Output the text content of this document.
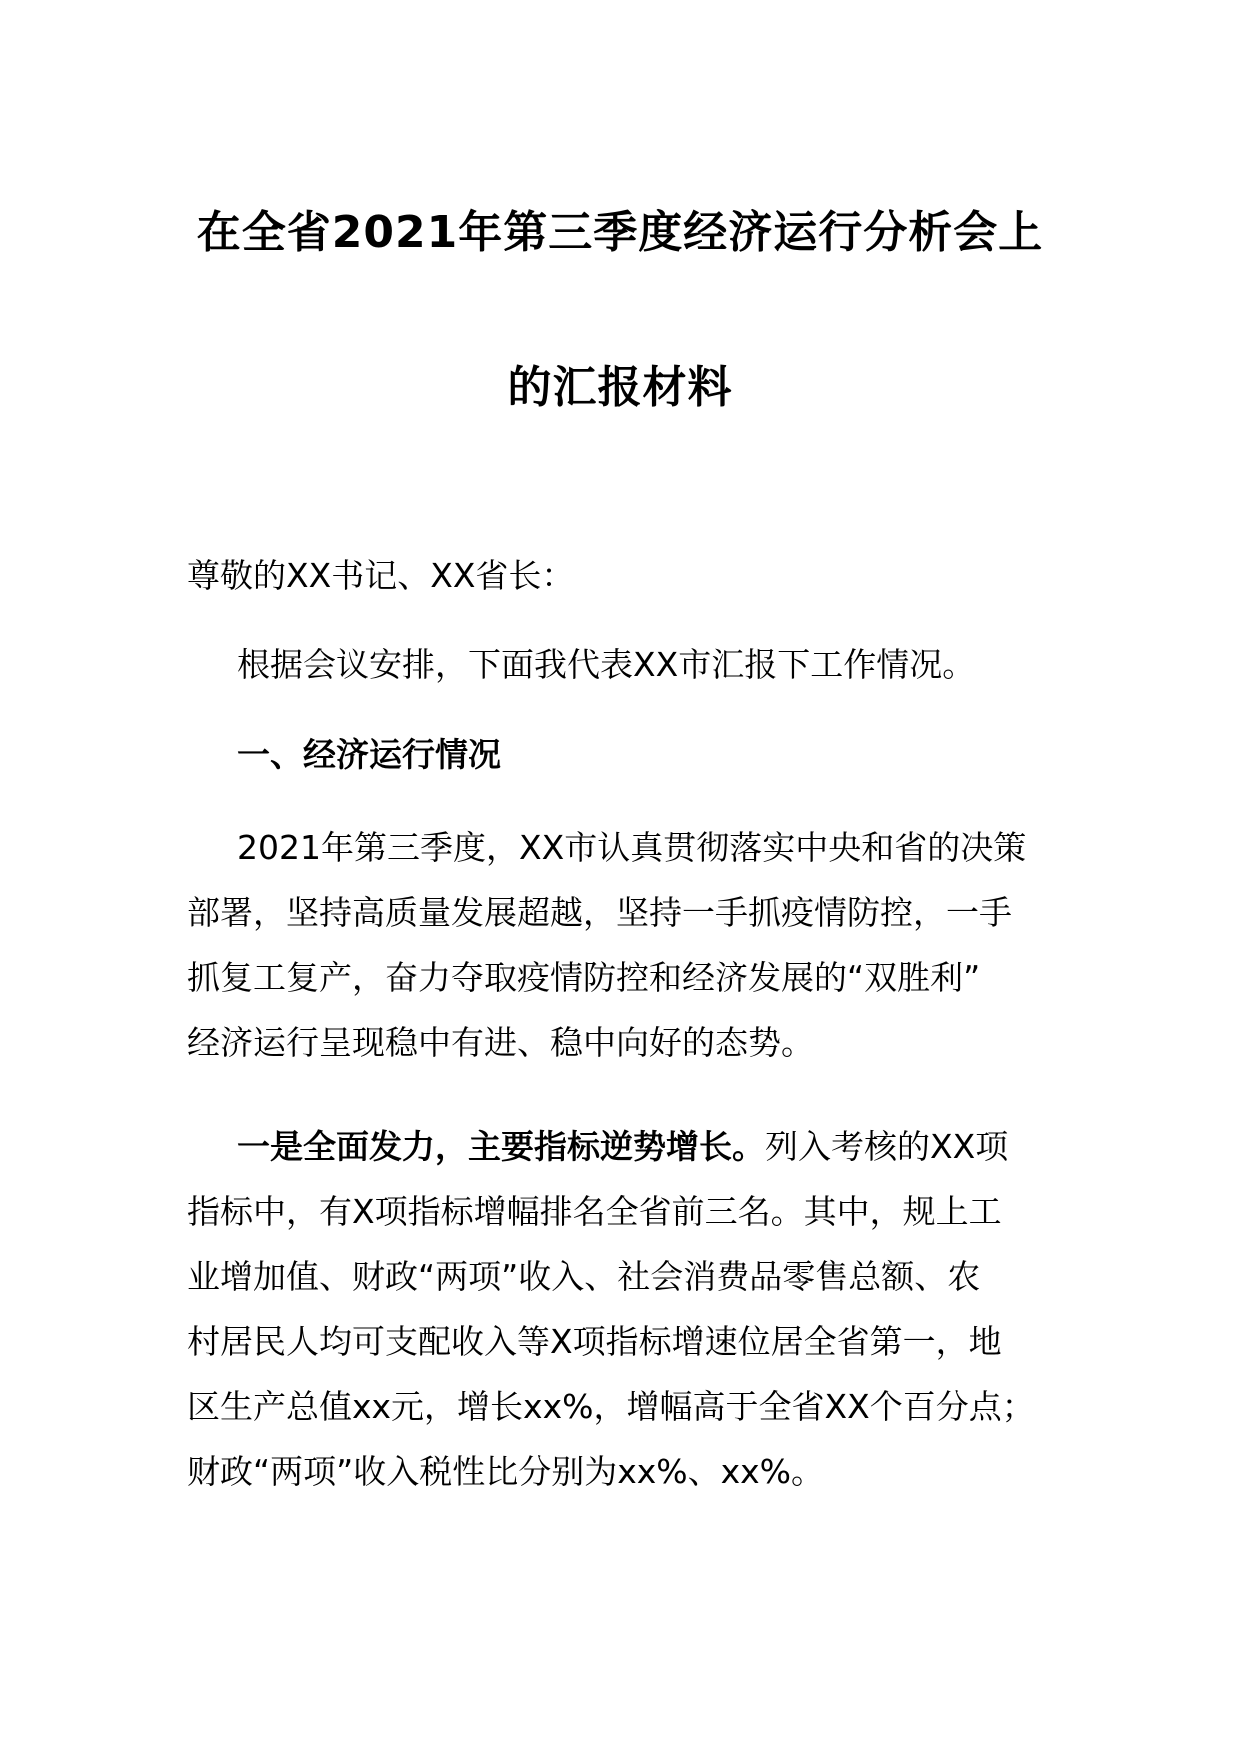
在全省2021年第三季度经济运行分析会上
的汇报材料
尊敬的XX书记、XX省长：
根据会议安排，下面我代表XX市汇报下工作情况。
一、经济运行情况
2021年第三季度，XX市认真贯彻落实中央和省的决策
部署，坚持高质量发展超越，坚持一手抓疫情防控，一手
抓复工复产，奋力夺取疫情防控和经济发展的“双胜利”
经济运行呈现稳中有进、稳中向好的态势。
一是全面发力，主要指标逆势增长。列入考核的XX项
指标中，有X项指标增幅排名全省前三名。其中，规上工
业增加值、财政“两项”收入、社会消费品零售总额、农
村居民人均可支配收入等X项指标增速位居全省第一，地
区生产总值xx元，增长xx%，增幅高于全省XX个百分点；
财政“两项”收入税性比分别为xx%、xx%。
